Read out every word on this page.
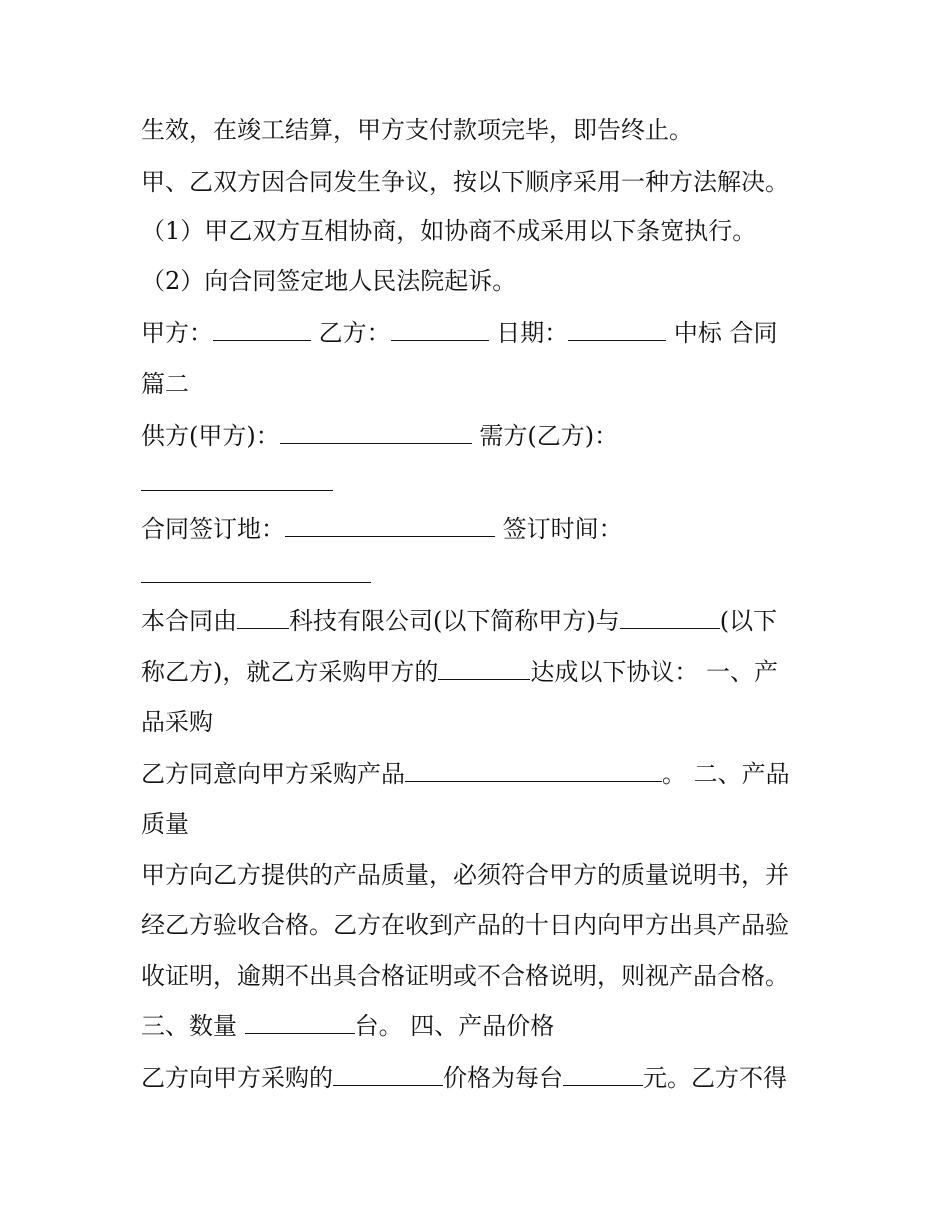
生效，在竣工结算，甲方支付款项完毕，即告终止。
甲、乙双方因合同发生争议，按以下顺序采用一种方法解决。
（1）甲乙双方互相协商，如协商不成采用以下条宽执行。
（2）向合同签定地人民法院起诉。
甲方：	乙方：	日期：	中标 合同
篇二
供方(甲方)：	需方(乙方)：
合同签订地：	签订时间：
本合同由 科技有限公司(以下简称甲方)与	(以下
称乙方)，就乙方采购甲方的	达成以下协议： 一、产
品采购
乙方同意向甲方采购产品	。 二、产品
质量
甲方向乙方提供的产品质量，必须符合甲方的质量说明书，并
经乙方验收合格。乙方在收到产品的十日内向甲方出具产品验
收证明，逾期不出具合格证明或不合格说明，则视产品合格。
三、数量	台。 四、产品价格
乙方向甲方采购的	价格为每台	元。乙方不得
